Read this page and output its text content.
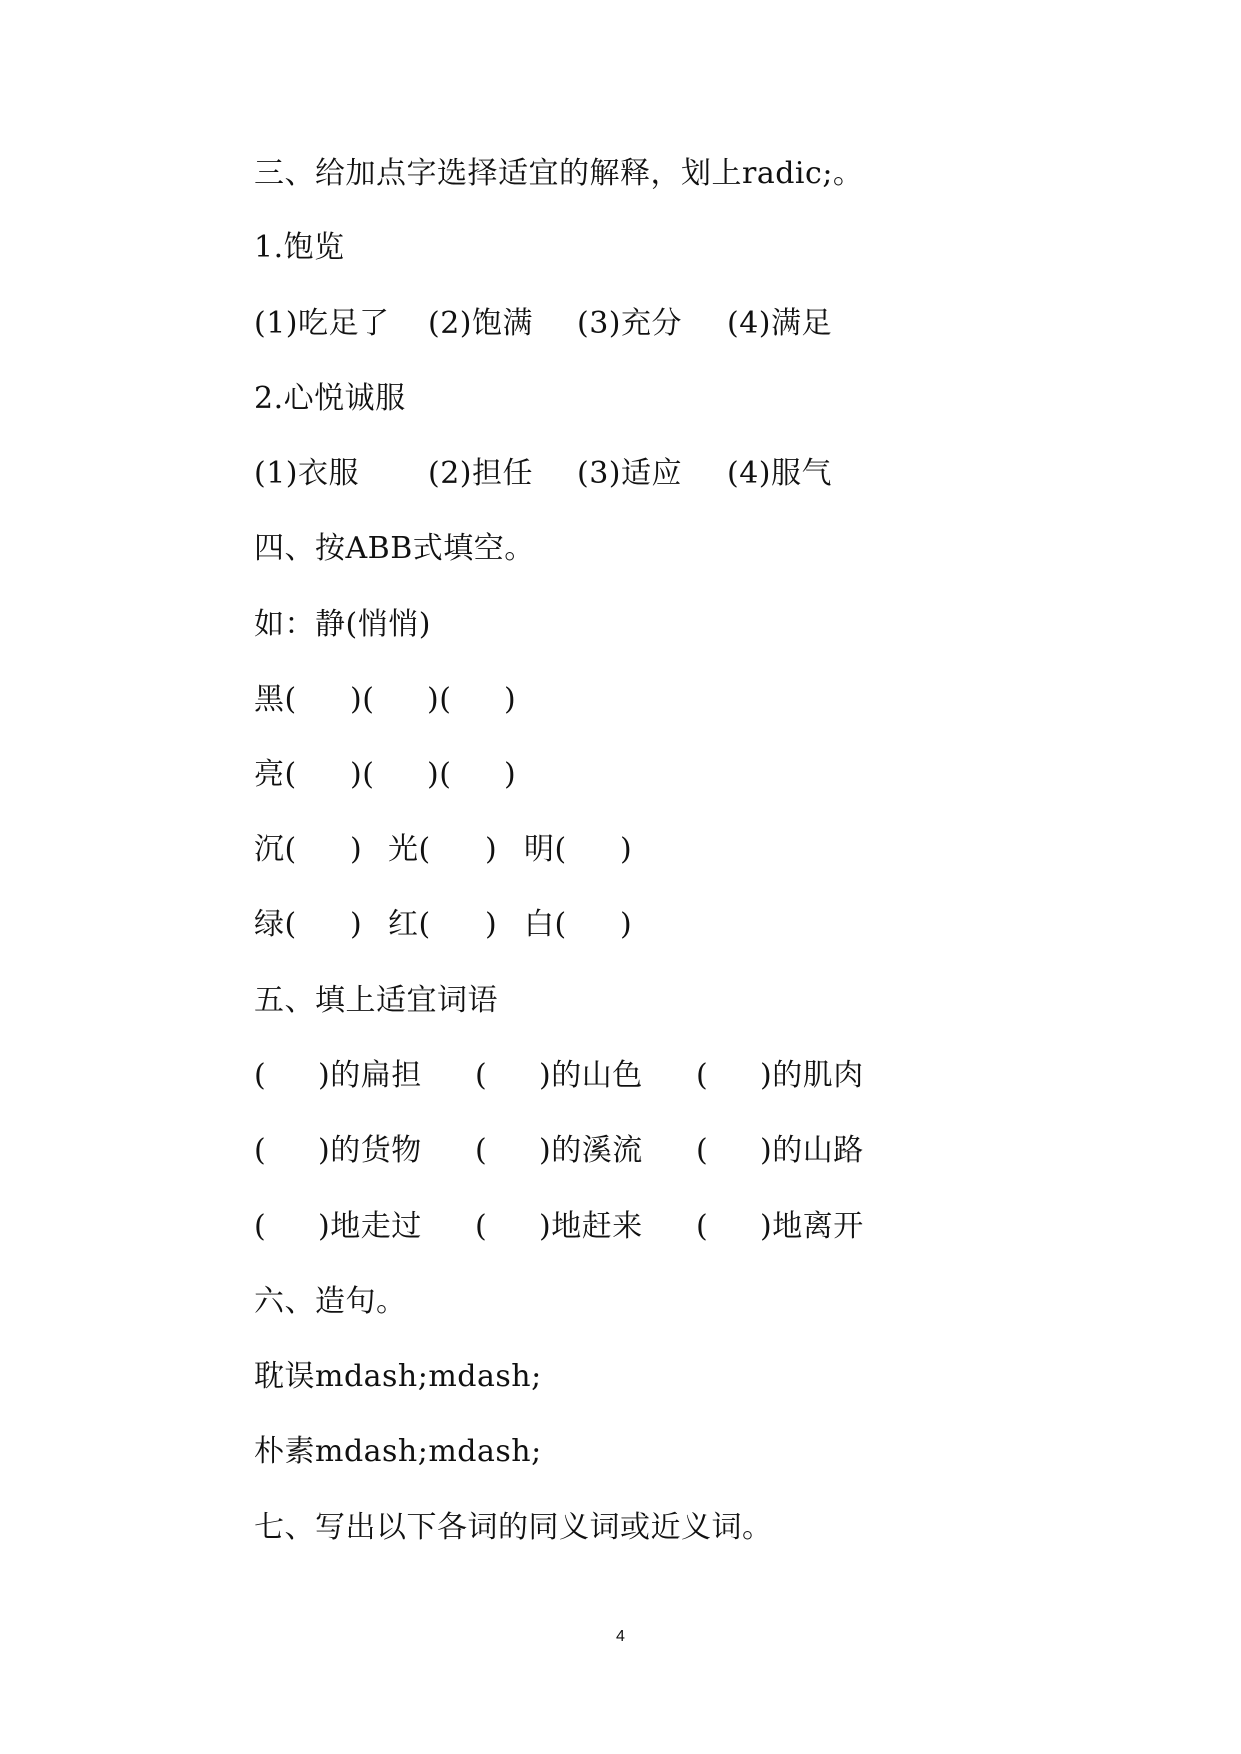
三、给加点字选择适宜的解释，划上radic;。
1.饱览
(1)吃足了 (2)饱满 (3)充分 (4)满足
2.心悦诚服
(1)衣服 (2)担任 (3)适应 (4)服气
四、按ABB式填空。
如：静(悄悄)
黑( )( )( )
亮( )( )( )
沉( ) 光( ) 明( )
绿( ) 红( ) 白( )
五、填上适宜词语
( )的扁担 ( )的山色 ( )的肌肉
( )的货物 ( )的溪流 ( )的山路
( )地走过 ( )地赶来 ( )地离开
六、造句。
耽误mdash;mdash;
朴素mdash;mdash;
七、写出以下各词的同义词或近义词。
4
